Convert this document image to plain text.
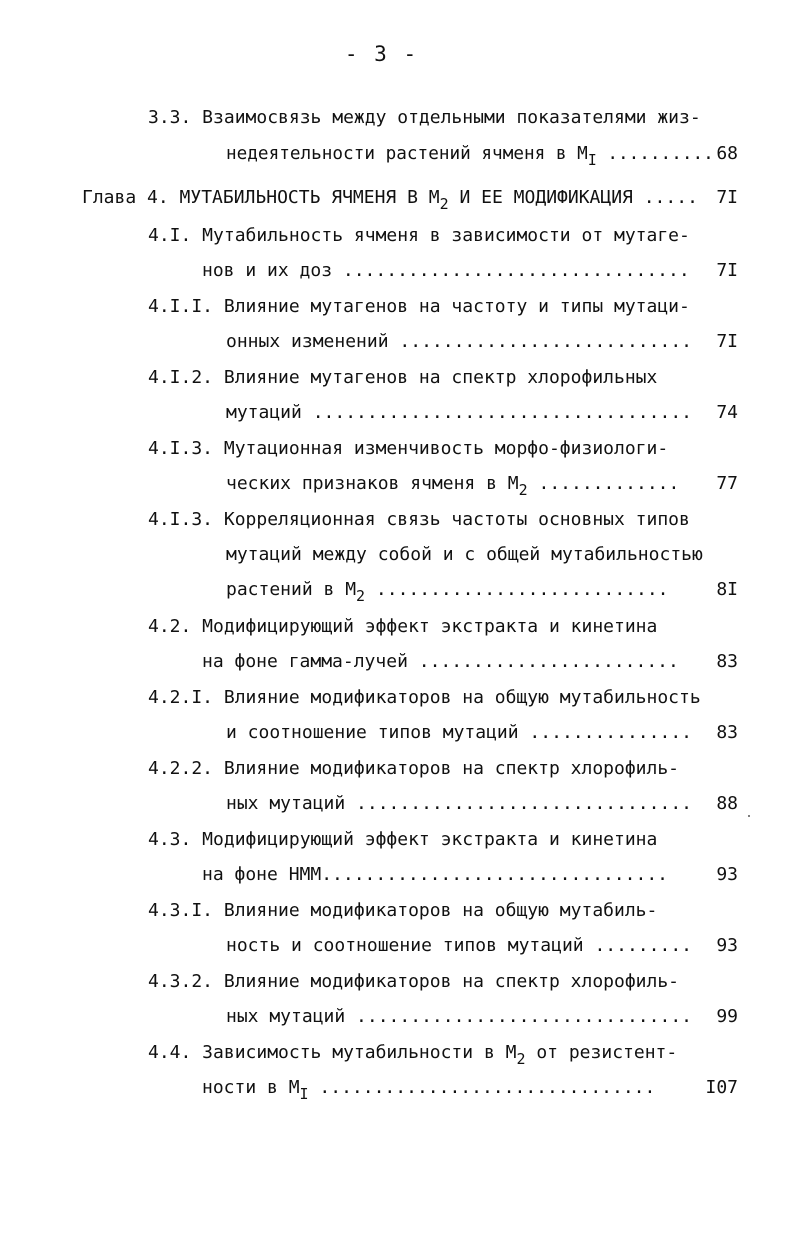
- 3 -
3.3. Взаимосвязь между отдельными показателями жиз-
недеятельности растений ячменя в $М_I$ .......... 68
Глава 4. МУТАБИЛЬНОСТЬ ЯЧМЕНЯ В $М_2$ И ЕЕ МОДИФИКАЦИЯ .....	7I
4.I. Мутабильность ячменя в зависимости от мутаге-
нов и их доз ................................	7I
4.I.I. Влияние мутагенов на частоту и типы мутаци-
онных изменений ...........................	7I
4.I.2. Влияние мутагенов на спектр хлорофильных
мутаций ...................................	74
4.I.3. Мутационная изменчивость морфо-физиологи-
ческих признаков ячменя в $М_2$ .............	77
4.I.3. Корреляционная связь частоты основных типов
мутаций между собой и с общей мутабильностью
растений в $М_2$ ...........................	8I
4.2. Модифицирующий эффект экстракта и кинетина
на фоне гамма-лучей ........................	83
4.2.I. Влияние модификаторов на общую мутабильность
и соотношение типов мутаций ...............	83
4.2.2. Влияние модификаторов на спектр хлорофиль-
ных мутаций ...............................	88
4.3. Модифицирующий эффект экстракта и кинетина
на фоне НММ................................	93
4.3.I. Влияние модификаторов на общую мутабиль-
ность и соотношение типов мутаций .........	93
4.3.2. Влияние модификаторов на спектр хлорофиль-
ных мутаций ...............................	99
4.4. Зависимость мутабильности в $М_2$ от резистент-
ности в $М_I$ ...............................	I07
